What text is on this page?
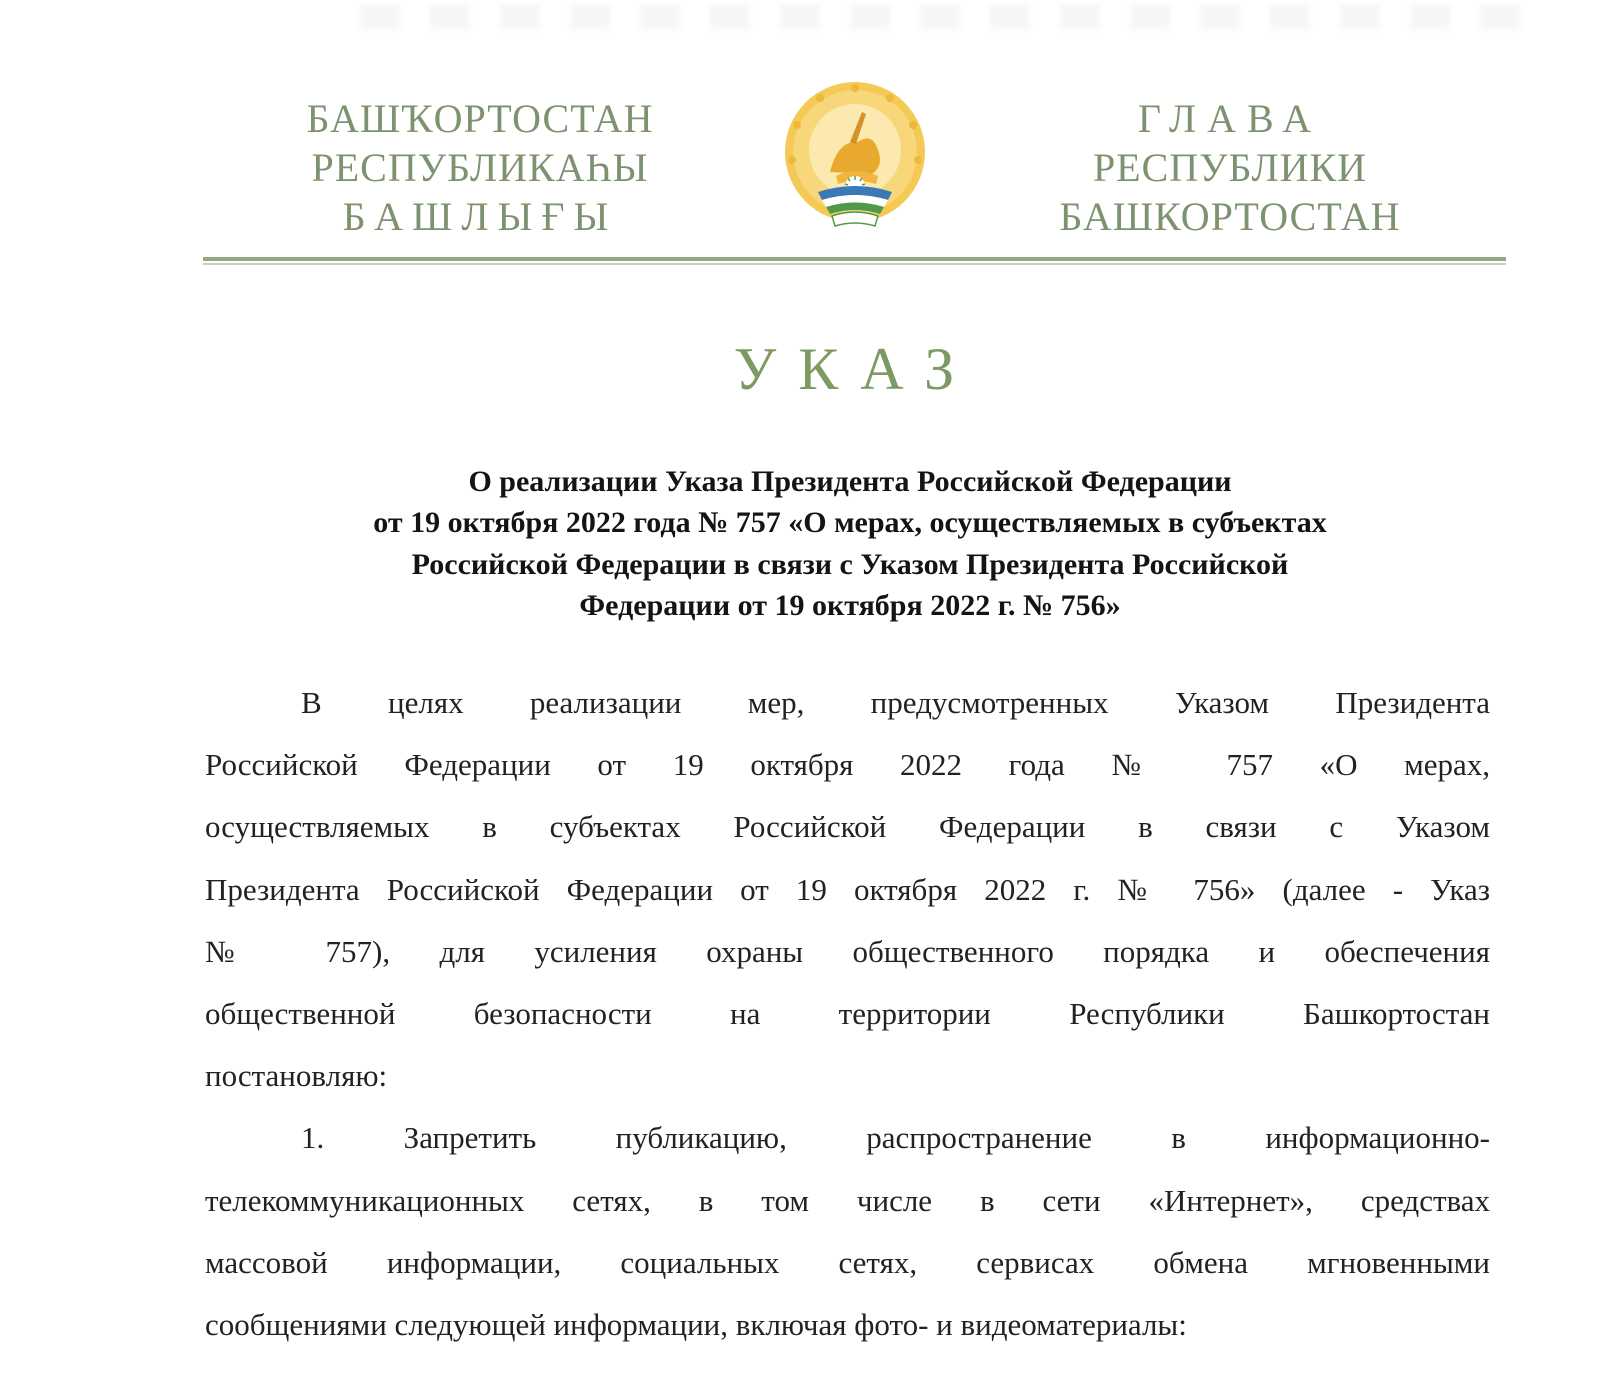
БАШҠОРТОСТАН
РЕСПУБЛИКАҺЫ
БАШЛЫҒЫ
ГЛАВА
РЕСПУБЛИКИ
БАШКОРТОСТАН
УКАЗ
О реализации Указа Президента Российской Федерации
от 19 октября 2022 года № 757 «О мерах, осуществляемых в субъектах
Российской Федерации в связи с Указом Президента Российской
Федерации от 19 октября 2022 г. № 756»
В целях реализации мер, предусмотренных Указом Президента
Российской Федерации от 19 октября 2022 года № 757 «О мерах,
осуществляемых в субъектах Российской Федерации в связи с Указом
Президента Российской Федерации от 19 октября 2022 г. № 756» (далее - Указ
№ 757), для усиления охраны общественного порядка и обеспечения
общественной безопасности на территории Республики Башкортостан
постановляю:
1. Запретить публикацию, распространение в информационно-
телекоммуникационных сетях, в том числе в сети «Интернет», средствах
массовой информации, социальных сетях, сервисах обмена мгновенными
сообщениями следующей информации, включая фото- и видеоматериалы:
